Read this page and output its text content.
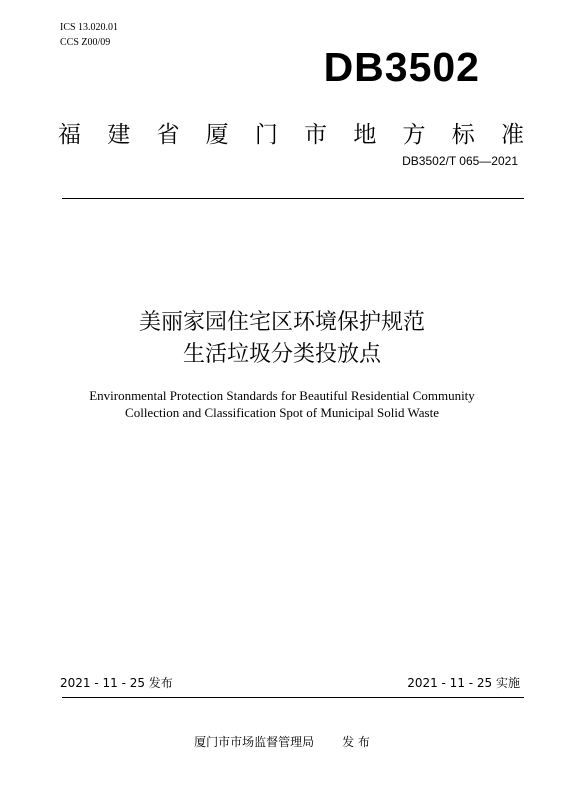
ICS 13.020.01
CCS Z00/09
DB3502
福 建 省 厦 门 市 地 方 标 准
DB3502/T 065—2021
美丽家园住宅区环境保护规范
生活垃圾分类投放点
Environmental Protection Standards for Beautiful Residential Community
Collection and Classification Spot of Municipal Solid Waste
2021 - 11 - 25 发布	2021 - 11 - 25 实施
厦门市市场监督管理局 发 布
